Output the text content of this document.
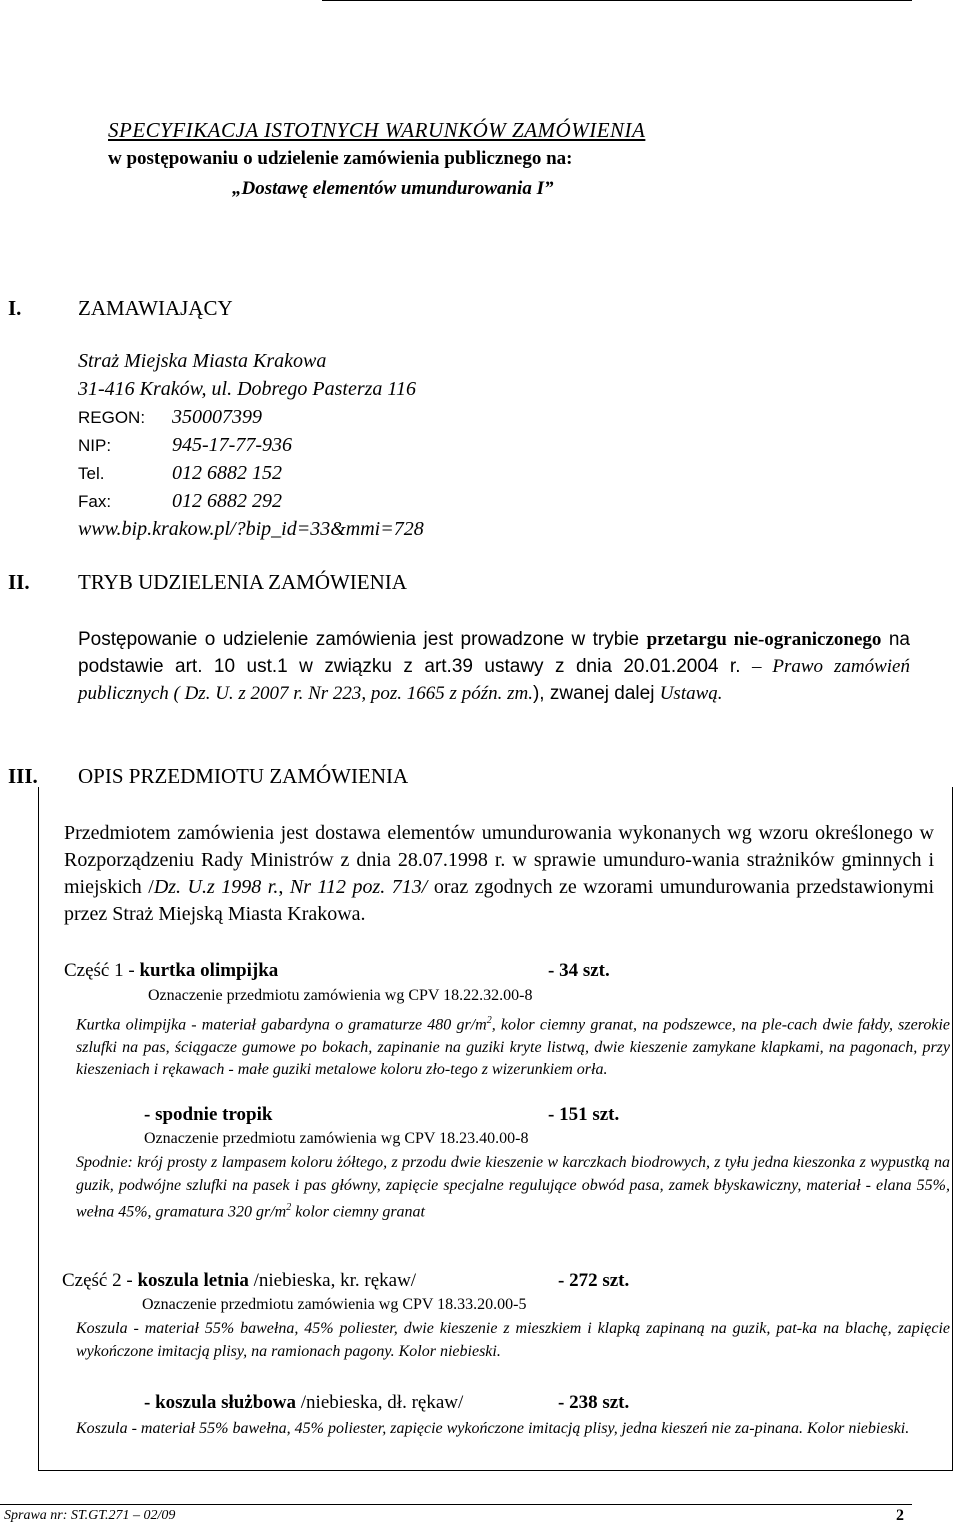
SPECYFIKACJA ISTOTNYCH WARUNKÓW ZAMÓWIENIA
w postępowaniu o udzielenie zamówienia publicznego na:
„Dostawę elementów umundurowania I”
I.	ZAMAWIAJĄCY
Straż Miejska Miasta Krakowa
31-416 Kraków, ul. Dobrego Pasterza 116
REGON: 350007399
NIP:	945-17-77-936
Tel.	012 6882 152
Fax:	012 6882 292
www.bip.krakow.pl/?bip_id=33&mmi=728
II. TRYB UDZIELENIA ZAMÓWIENIA
Postępowanie o udzielenie zamówienia jest prowadzone w trybie przetargu nie-ograniczonego na podstawie art. 10 ust.1 w związku z art.39 ustawy z dnia 20.01.2004 r. – Prawo zamówień publicznych ( Dz. U. z 2007 r. Nr 223, poz. 1665 z późn. zm.), zwanej dalej Ustawą.
III. OPIS PRZEDMIOTU ZAMÓWIENIA
Przedmiotem zamówienia jest dostawa elementów umundurowania wykonanych wg wzoru określonego w Rozporządzeniu Rady Ministrów z dnia 28.07.1998 r. w sprawie umunduro-wania strażników gminnych i miejskich /Dz. U.z 1998 r., Nr 112 poz. 713/ oraz zgodnych ze wzorami umundurowania przedstawionymi przez Straż Miejską Miasta Krakowa.
Część 1 - kurtka olimpijka	- 34 szt.
Oznaczenie przedmiotu zamówienia wg CPV 18.22.32.00-8
Kurtka olimpijka - materiał gabardyna o gramaturze 480 $gr/m^2$, kolor ciemny granat, na podszewce, na ple-cach dwie fałdy, szerokie szlufki na pas, ściągacze gumowe po bokach, zapinanie na guziki kryte listwą, dwie kieszenie zamykane klapkami, na pagonach, przy kieszeniach i rękawach - małe guziki metalowe koloru zło-tego z wizerunkiem orła.
- spodnie tropik	- 151 szt.
Oznaczenie przedmiotu zamówienia wg CPV 18.23.40.00-8
Spodnie: krój prosty z lampasem koloru żółtego, z przodu dwie kieszenie w karczkach biodrowych, z tyłu jedna kieszonka z wypustką na guzik, podwójne szlufki na pasek i pas główny, zapięcie specjalne regulujące obwód pasa, zamek błyskawiczny, materiał - elana 55%, wełna 45%, gramatura 320 $gr/m^2$ kolor ciemny granat
Część 2 - koszula letnia /niebieska, kr. rękaw/	- 272 szt.
Oznaczenie przedmiotu zamówienia wg CPV 18.33.20.00-5
Koszula - materiał 55% bawełna, 45% poliester, dwie kieszenie z mieszkiem i klapką zapinaną na guzik, pat-ka na blachę, zapięcie wykończone imitacją plisy, na ramionach pagony. Kolor niebieski.
- koszula służbowa /niebieska, dł. rękaw/	- 238 szt.
Koszula - materiał 55% bawełna, 45% poliester, zapięcie wykończone imitacją plisy, jedna kieszeń nie za-pinana. Kolor niebieski.
Sprawa nr: ST.GT.271 – 02/09	2
